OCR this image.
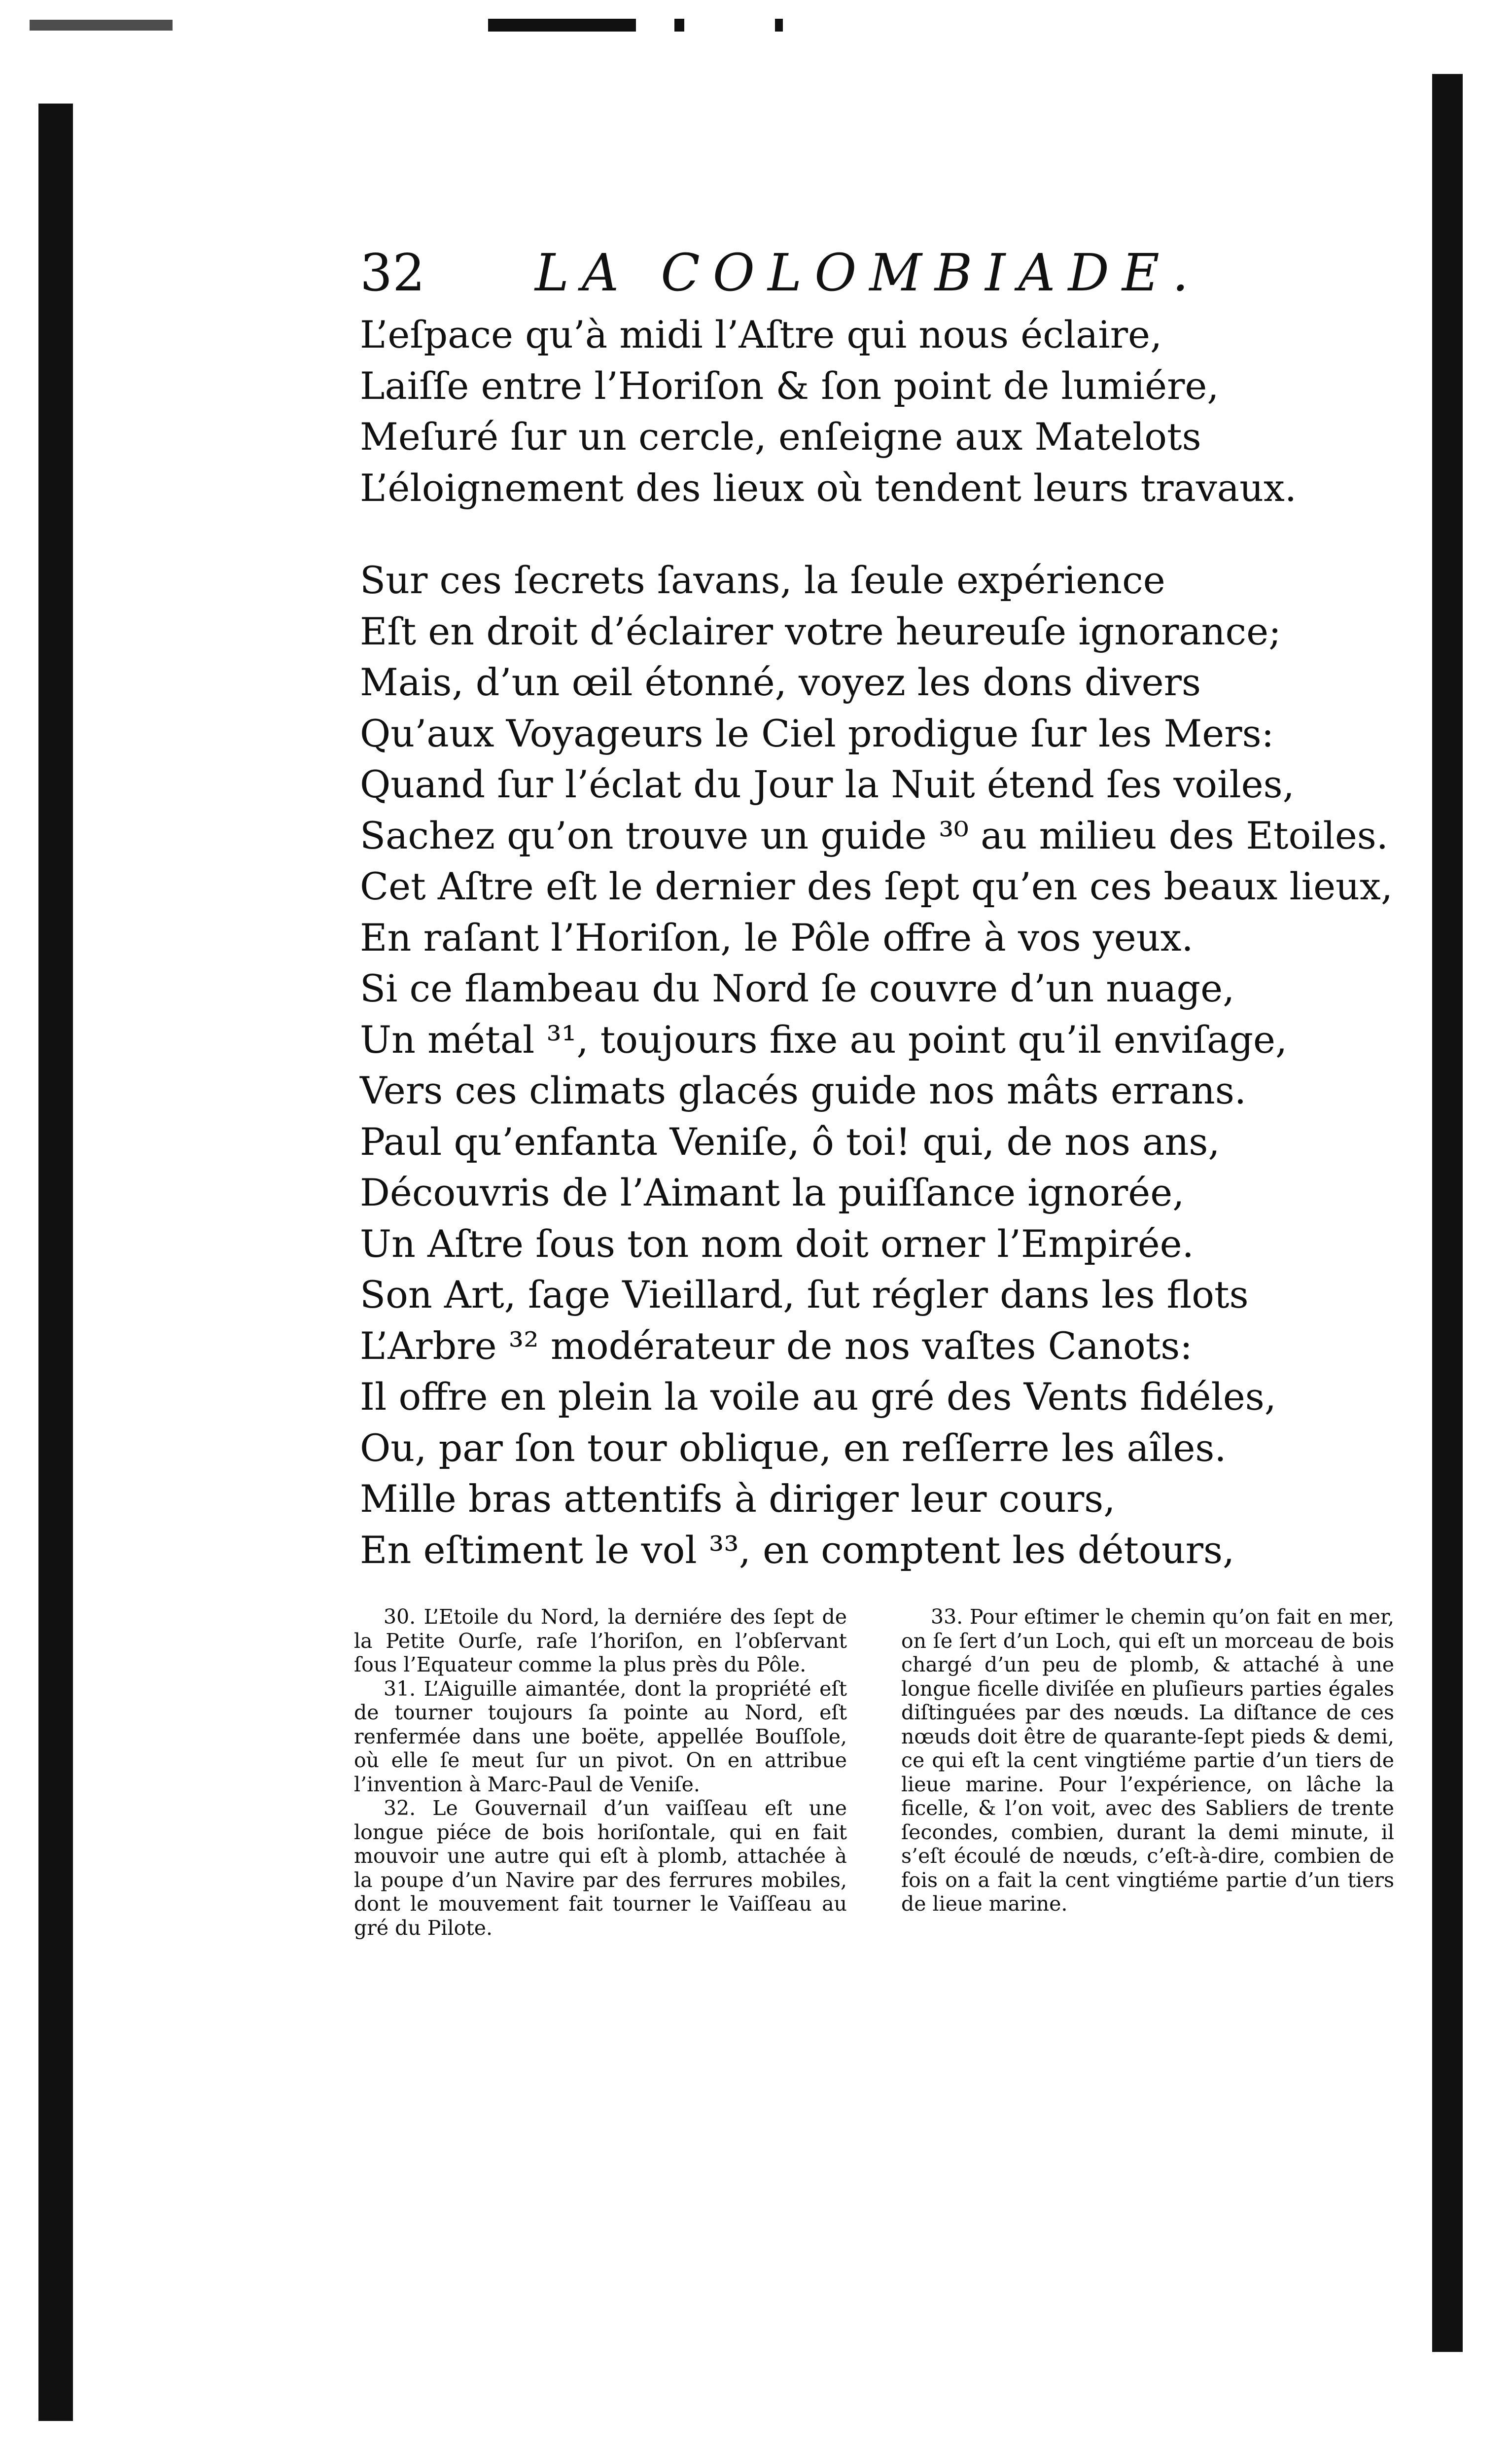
32 LA COLOMBIADE.

L’eſpace qu’à midi l’Aſtre qui nous éclaire,

Laiſſe entre l’Horiſon & ſon point de lumiére,

Meſuré ſur un cercle, enſeigne aux Matelots

L’éloignement des lieux où tendent leurs travaux.

Sur ces ſecrets ſavans, la ſeule expérience

Eſt en droit d’éclairer votre heureuſe ignorance;

Mais, d’un œil étonné, voyez les dons divers

Qu’aux Voyageurs le Ciel prodigue ſur les Mers:

Quand ſur l’éclat du Jour la Nuit étend ſes voiles,

Sachez qu’on trouve un guide ³⁰ au milieu des Etoiles.

Cet Aſtre eſt le dernier des ſept qu’en ces beaux lieux,

En raſant l’Horiſon, le Pôle offre à vos yeux.

Si ce flambeau du Nord ſe couvre d’un nuage,

Un métal ³¹, toujours fixe au point qu’il enviſage,

Vers ces climats glacés guide nos mâts errans.

Paul qu’enfanta Veniſe, ô toi! qui, de nos ans,

Découvris de l’Aimant la puiſſance ignorée,

Un Aſtre ſous ton nom doit orner l’Empirée.

Son Art, ſage Vieillard, ſut régler dans les flots

L’Arbre ³² modérateur de nos vaſtes Canots:

Il offre en plein la voile au gré des Vents fidéles,

Ou, par ſon tour oblique, en reſſerre les aîles.

Mille bras attentifs à diriger leur cours,

En eſtiment le vol ³³, en comptent les détours,

30. L’Etoile du Nord, la derniére des ſept de la Petite Ourſe, raſe l’horiſon, en l’obſervant ſous l’Equateur comme la plus près du Pôle.

31. L’Aiguille aimantée, dont la propriété eſt de tourner toujours ſa pointe au Nord, eſt renfermée dans une boëte, appellée Bouſſole, où elle ſe meut ſur un pivot. On en attribue l’invention à Marc-Paul de Veniſe.

32. Le Gouvernail d’un vaiſſeau eſt une longue piéce de bois horiſontale, qui en fait mouvoir une autre qui eſt à plomb, attachée à la poupe d’un Navire par des ferrures mobiles, dont le mouvement fait tourner le Vaiſſeau au gré du Pilote.

33. Pour eſtimer le chemin qu’on fait en mer, on ſe ſert d’un Loch, qui eſt un morceau de bois chargé d’un peu de plomb, & attaché à une longue ficelle diviſée en pluſieurs parties égales diſtinguées par des nœuds. La diſtance de ces nœuds doit être de quarante-ſept pieds & demi, ce qui eſt la cent vingtiéme partie d’un tiers de lieue marine. Pour l’expérience, on lâche la ficelle, & l’on voit, avec des Sabliers de trente ſecondes, combien, durant la demi minute, il s’eſt écoulé de nœuds, c’eſt-à-dire, combien de fois on a fait la cent vingtiéme partie d’un tiers de lieue marine.
